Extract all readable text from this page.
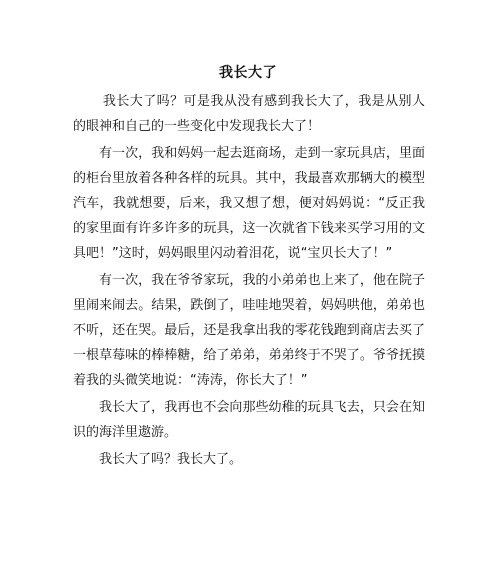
我长大了

我长大了吗？可是我从没有感到我长大了，我是从别人的眼神和自己的一些变化中发现我长大了！

有一次，我和妈妈一起去逛商场，走到一家玩具店，里面的柜台里放着各种各样的玩具。其中，我最喜欢那辆大的模型汽车，我就想要，后来，我又想了想，便对妈妈说：“反正我的家里面有许多许多的玩具，这一次就省下钱来买学习用的文具吧！”这时，妈妈眼里闪动着泪花，说“宝贝长大了！”

有一次，我在爷爷家玩，我的小弟弟也上来了，他在院子里闹来闹去。结果，跌倒了，哇哇地哭着，妈妈哄他，弟弟也不听，还在哭。最后，还是我拿出我的零花钱跑到商店去买了一根草莓味的棒棒糖，给了弟弟，弟弟终于不哭了。爷爷抚摸着我的头微笑地说：“涛涛，你长大了！”

我长大了，我再也不会向那些幼稚的玩具飞去，只会在知识的海洋里遨游。

我长大了吗？我长大了。
